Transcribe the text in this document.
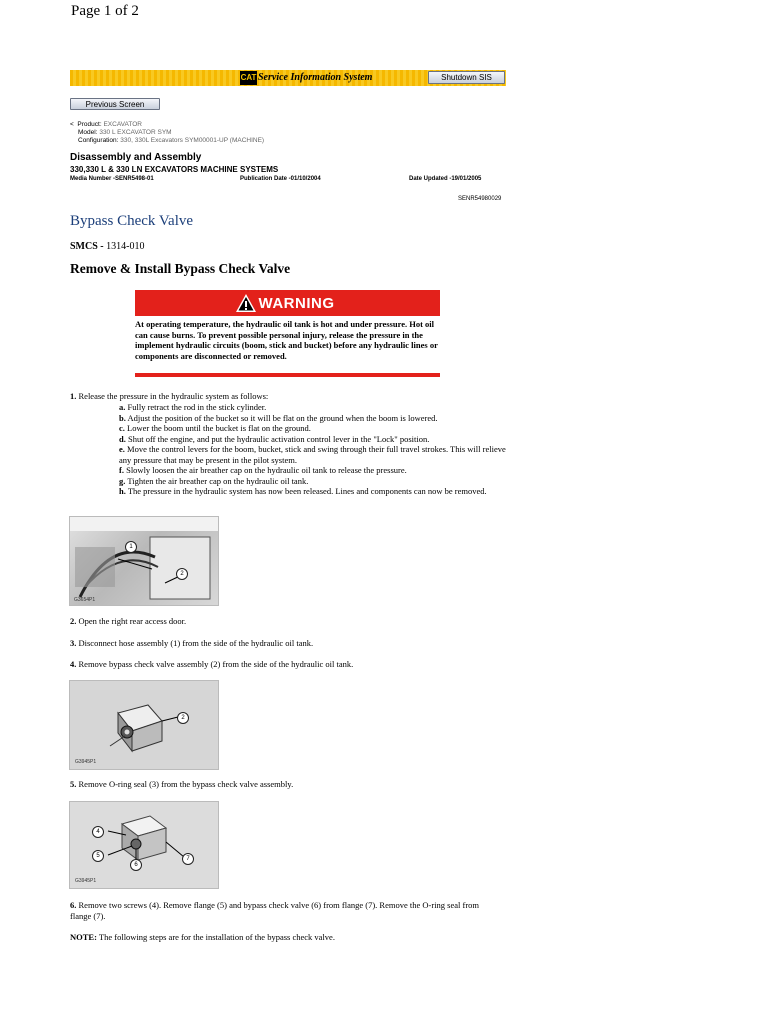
Page 1 of 2
CAT Service Information System	Shutdown SIS
Previous Screen
< Product: EXCAVATOR
Model: 330 L EXCAVATOR SYM
Configuration: 330, 330L Excavators SYM00001-UP (MACHINE)
Disassembly and Assembly
330,330 L & 330 LN EXCAVATORS MACHINE SYSTEMS
Media Number -SENR5498-01	Publication Date -01/10/2004	Date Updated -19/01/2005
SENR54980029
Bypass Check Valve
SMCS - 1314-010
Remove & Install Bypass Check Valve
WARNING
At operating temperature, the hydraulic oil tank is hot and under pressure. Hot oil can cause burns. To prevent possible personal injury, release the pressure in the implement hydraulic circuits (boom, stick and bucket) before any hydraulic lines or components are disconnected or removed.
1. Release the pressure in the hydraulic system as follows:
a. Fully retract the rod in the stick cylinder.
b. Adjust the position of the bucket so it will be flat on the ground when the boom is lowered.
c. Lower the boom until the bucket is flat on the ground.
d. Shut off the engine, and put the hydraulic activation control lever in the "Lock" position.
e. Move the control levers for the boom, bucket, stick and swing through their full travel strokes. This will relieve any pressure that may be present in the pilot system.
f. Slowly loosen the air breather cap on the hydraulic oil tank to release the pressure.
g. Tighten the air breather cap on the hydraulic oil tank.
h. The pressure in the hydraulic system has now been released. Lines and components can now be removed.
1
2
G3654P1
2. Open the right rear access door.
3. Disconnect hose assembly (1) from the side of the hydraulic oil tank.
4. Remove bypass check valve assembly (2) from the side of the hydraulic oil tank.
2
G3945P1
5. Remove O-ring seal (3) from the bypass check valve assembly.
4
5
6
7
G3945P1
6. Remove two screws (4). Remove flange (5) and bypass check valve (6) from flange (7). Remove the O-ring seal from flange (7).
NOTE: The following steps are for the installation of the bypass check valve.
